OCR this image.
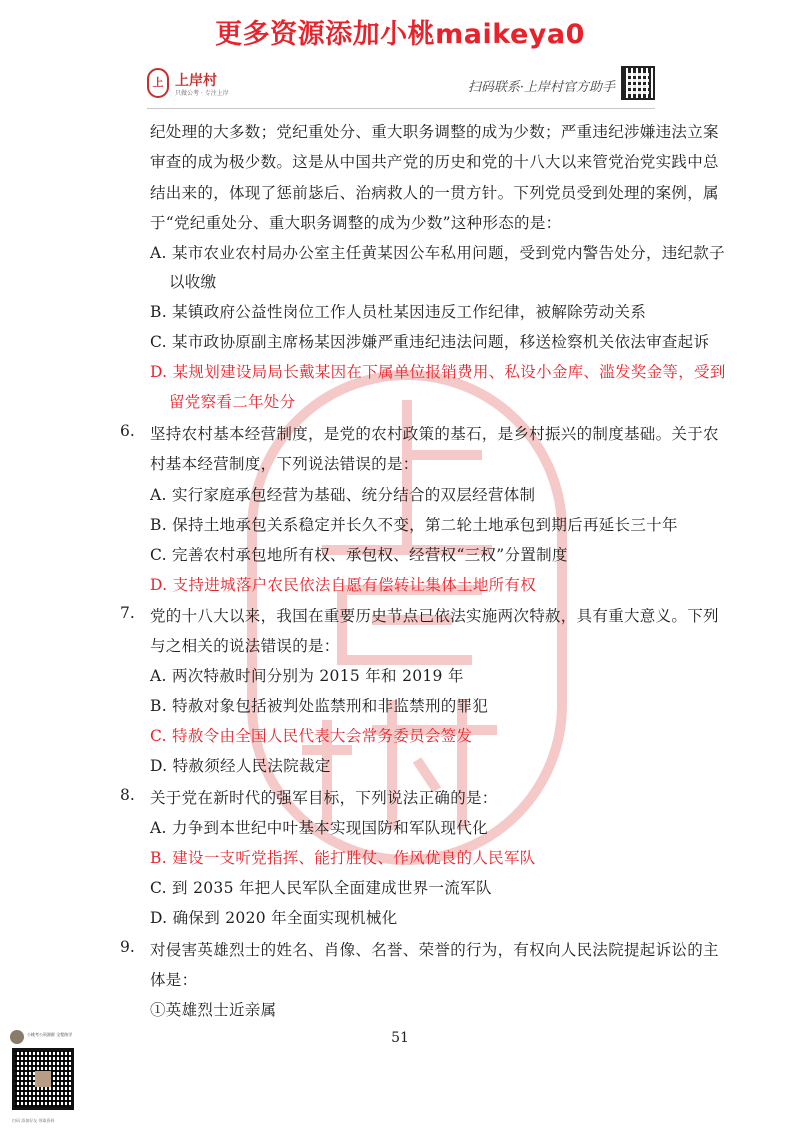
更多资源添加小桃maikeya0
上 上岸村
只做公考 · 专注上岸	扫码联系·上岸村官方助手
纪处理的大多数；党纪重处分、重大职务调整的成为少数；严重违纪涉嫌违法立案
审查的成为极少数。这是从中国共产党的历史和党的十八大以来管党治党实践中总
结出来的，体现了惩前毖后、治病救人的一贯方针。下列党员受到处理的案例，属
于“党纪重处分、重大职务调整的成为少数”这种形态的是：
A. 某市农业农村局办公室主任黄某因公车私用问题，受到党内警告处分，违纪款子
以收缴
B. 某镇政府公益性岗位工作人员杜某因违反工作纪律，被解除劳动关系
C. 某市政协原副主席杨某因涉嫌严重违纪违法问题，移送检察机关依法审查起诉
D. 某规划建设局局长戴某因在下属单位报销费用、私设小金库、滥发奖金等，受到
留党察看二年处分
6. 坚持农村基本经营制度，是党的农村政策的基石，是乡村振兴的制度基础。关于农
村基本经营制度，下列说法错误的是：
A. 实行家庭承包经营为基础、统分结合的双层经营体制
B. 保持土地承包关系稳定并长久不变，第二轮土地承包到期后再延长三十年
C. 完善农村承包地所有权、承包权、经营权“三权”分置制度
D. 支持进城落户农民依法自愿有偿转让集体土地所有权
7. 党的十八大以来，我国在重要历史节点已依法实施两次特赦，具有重大意义。下列
与之相关的说法错误的是：
A. 两次特赦时间分别为 2015 年和 2019 年
B. 特赦对象包括被判处监禁刑和非监禁刑的罪犯
C. 特赦令由全国人民代表大会常务委员会签发
D. 特赦须经人民法院裁定
8. 关于党在新时代的强军目标，下列说法正确的是：
A. 力争到本世纪中叶基本实现国防和军队现代化
B. 建设一支听党指挥、能打胜仗、作风优良的人民军队
C. 到 2035 年把人民军队全面建成世界一流军队
D. 确保到 2020 年全面实现机械化
9. 对侵害英雄烈士的姓名、肖像、名誉、荣誉的行为，有权向人民法院提起诉讼的主
体是：
①英雄烈士近亲属
51
小桃考公资源群 全程陪学
扫码 添加好友 领取资料
